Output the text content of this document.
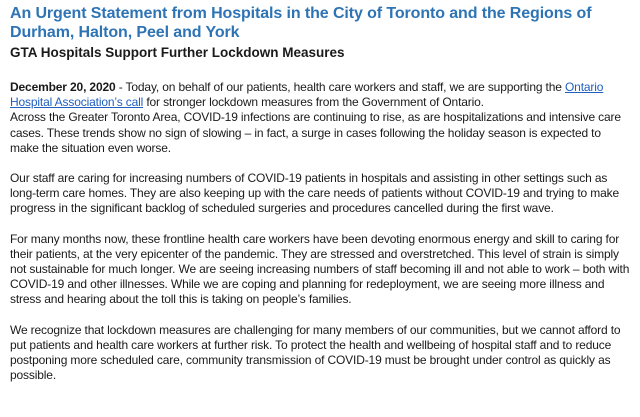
An Urgent Statement from Hospitals in the City of Toronto and the Regions of Durham, Halton, Peel and York
GTA Hospitals Support Further Lockdown Measures

December 20, 2020 - Today, on behalf of our patients, health care workers and staff, we are supporting the Ontario Hospital Association’s call for stronger lockdown measures from the Government of Ontario.

Across the Greater Toronto Area, COVID-19 infections are continuing to rise, as are hospitalizations and intensive care cases. These trends show no sign of slowing – in fact, a surge in cases following the holiday season is expected to make the situation even worse.

Our staff are caring for increasing numbers of COVID-19 patients in hospitals and assisting in other settings such as long-term care homes. They are also keeping up with the care needs of patients without COVID-19 and trying to make progress in the significant backlog of scheduled surgeries and procedures cancelled during the first wave.

For many months now, these frontline health care workers have been devoting enormous energy and skill to caring for their patients, at the very epicenter of the pandemic. They are stressed and overstretched. This level of strain is simply not sustainable for much longer. We are seeing increasing numbers of staff becoming ill and not able to work – both with COVID-19 and other illnesses. While we are coping and planning for redeployment, we are seeing more illness and stress and hearing about the toll this is taking on people’s families.

We recognize that lockdown measures are challenging for many members of our communities, but we cannot afford to put patients and health care workers at further risk. To protect the health and wellbeing of hospital staff and to reduce postponing more scheduled care, community transmission of COVID-19 must be brought under control as quickly as possible.
